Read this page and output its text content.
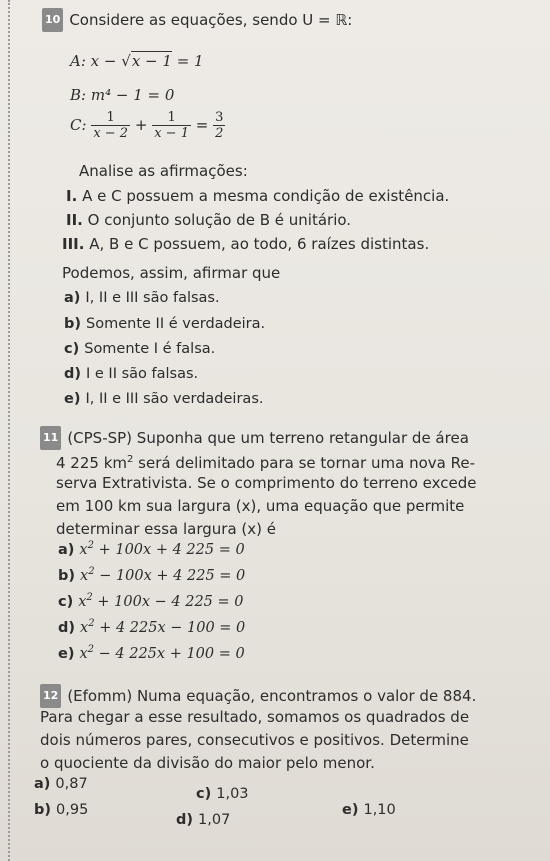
10 Considere as equações, sendo U = ℝ:
A: x − √x − 1 = 1
B: m⁴ − 1 = 0
C: $\frac{1}{x - 2} + \frac{1}{x - 1} = \frac{3}{2}$
Analise as afirmações:
I. A e C possuem a mesma condição de existência.
II. O conjunto solução de B é unitário.
III. A, B e C possuem, ao todo, 6 raízes distintas.
Podemos, assim, afirmar que
a) I, II e III são falsas.
b) Somente II é verdadeira.
c) Somente I é falsa.
d) I e II são falsas.
e) I, II e III são verdadeiras.
11 (CPS-SP) Suponha que um terreno retangular de área
4 225 $km^2$ será delimitado para se tornar uma nova Re-
serva Extrativista. Se o comprimento do terreno excede
em 100 km sua largura (x), uma equação que permite
determinar essa largura (x) é
a) $x^2 + 100x + 4$ 225 = 0
b) $x^2 - 100x + 4$ 225 = 0
c) $x^2 + 100x - 4$ 225 = 0
d) $x^2 + 4$ 225x − 100 = 0
e) $x^2 - 4$ 225x + 100 = 0
12 (Efomm) Numa equação, encontramos o valor de 884.
Para chegar a esse resultado, somamos os quadrados de
dois números pares, consecutivos e positivos. Determine
o quociente da divisão do maior pelo menor.
a) 0,87
b) 0,95
c) 1,03
d) 1,07
e) 1,10
